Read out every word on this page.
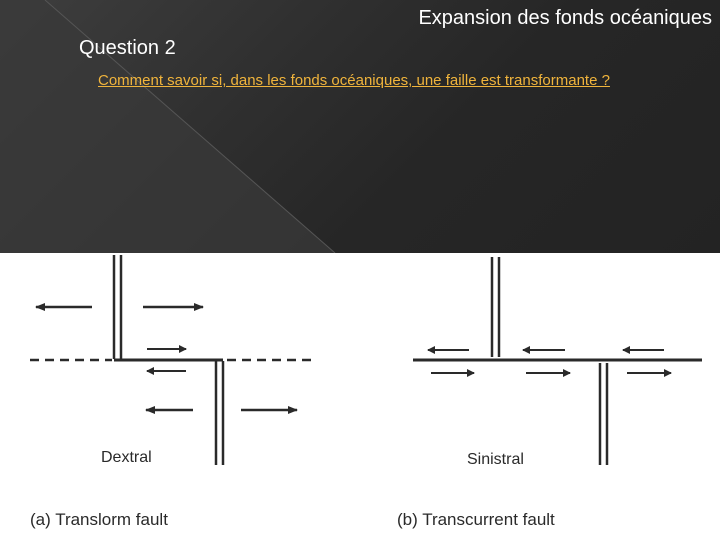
Expansion des fonds océaniques
Question 2
Comment savoir si, dans les fonds océaniques, une faille est transformante ?
Dextral	Sinistral
(a) Translorm fault	(b) Transcurrent fault
